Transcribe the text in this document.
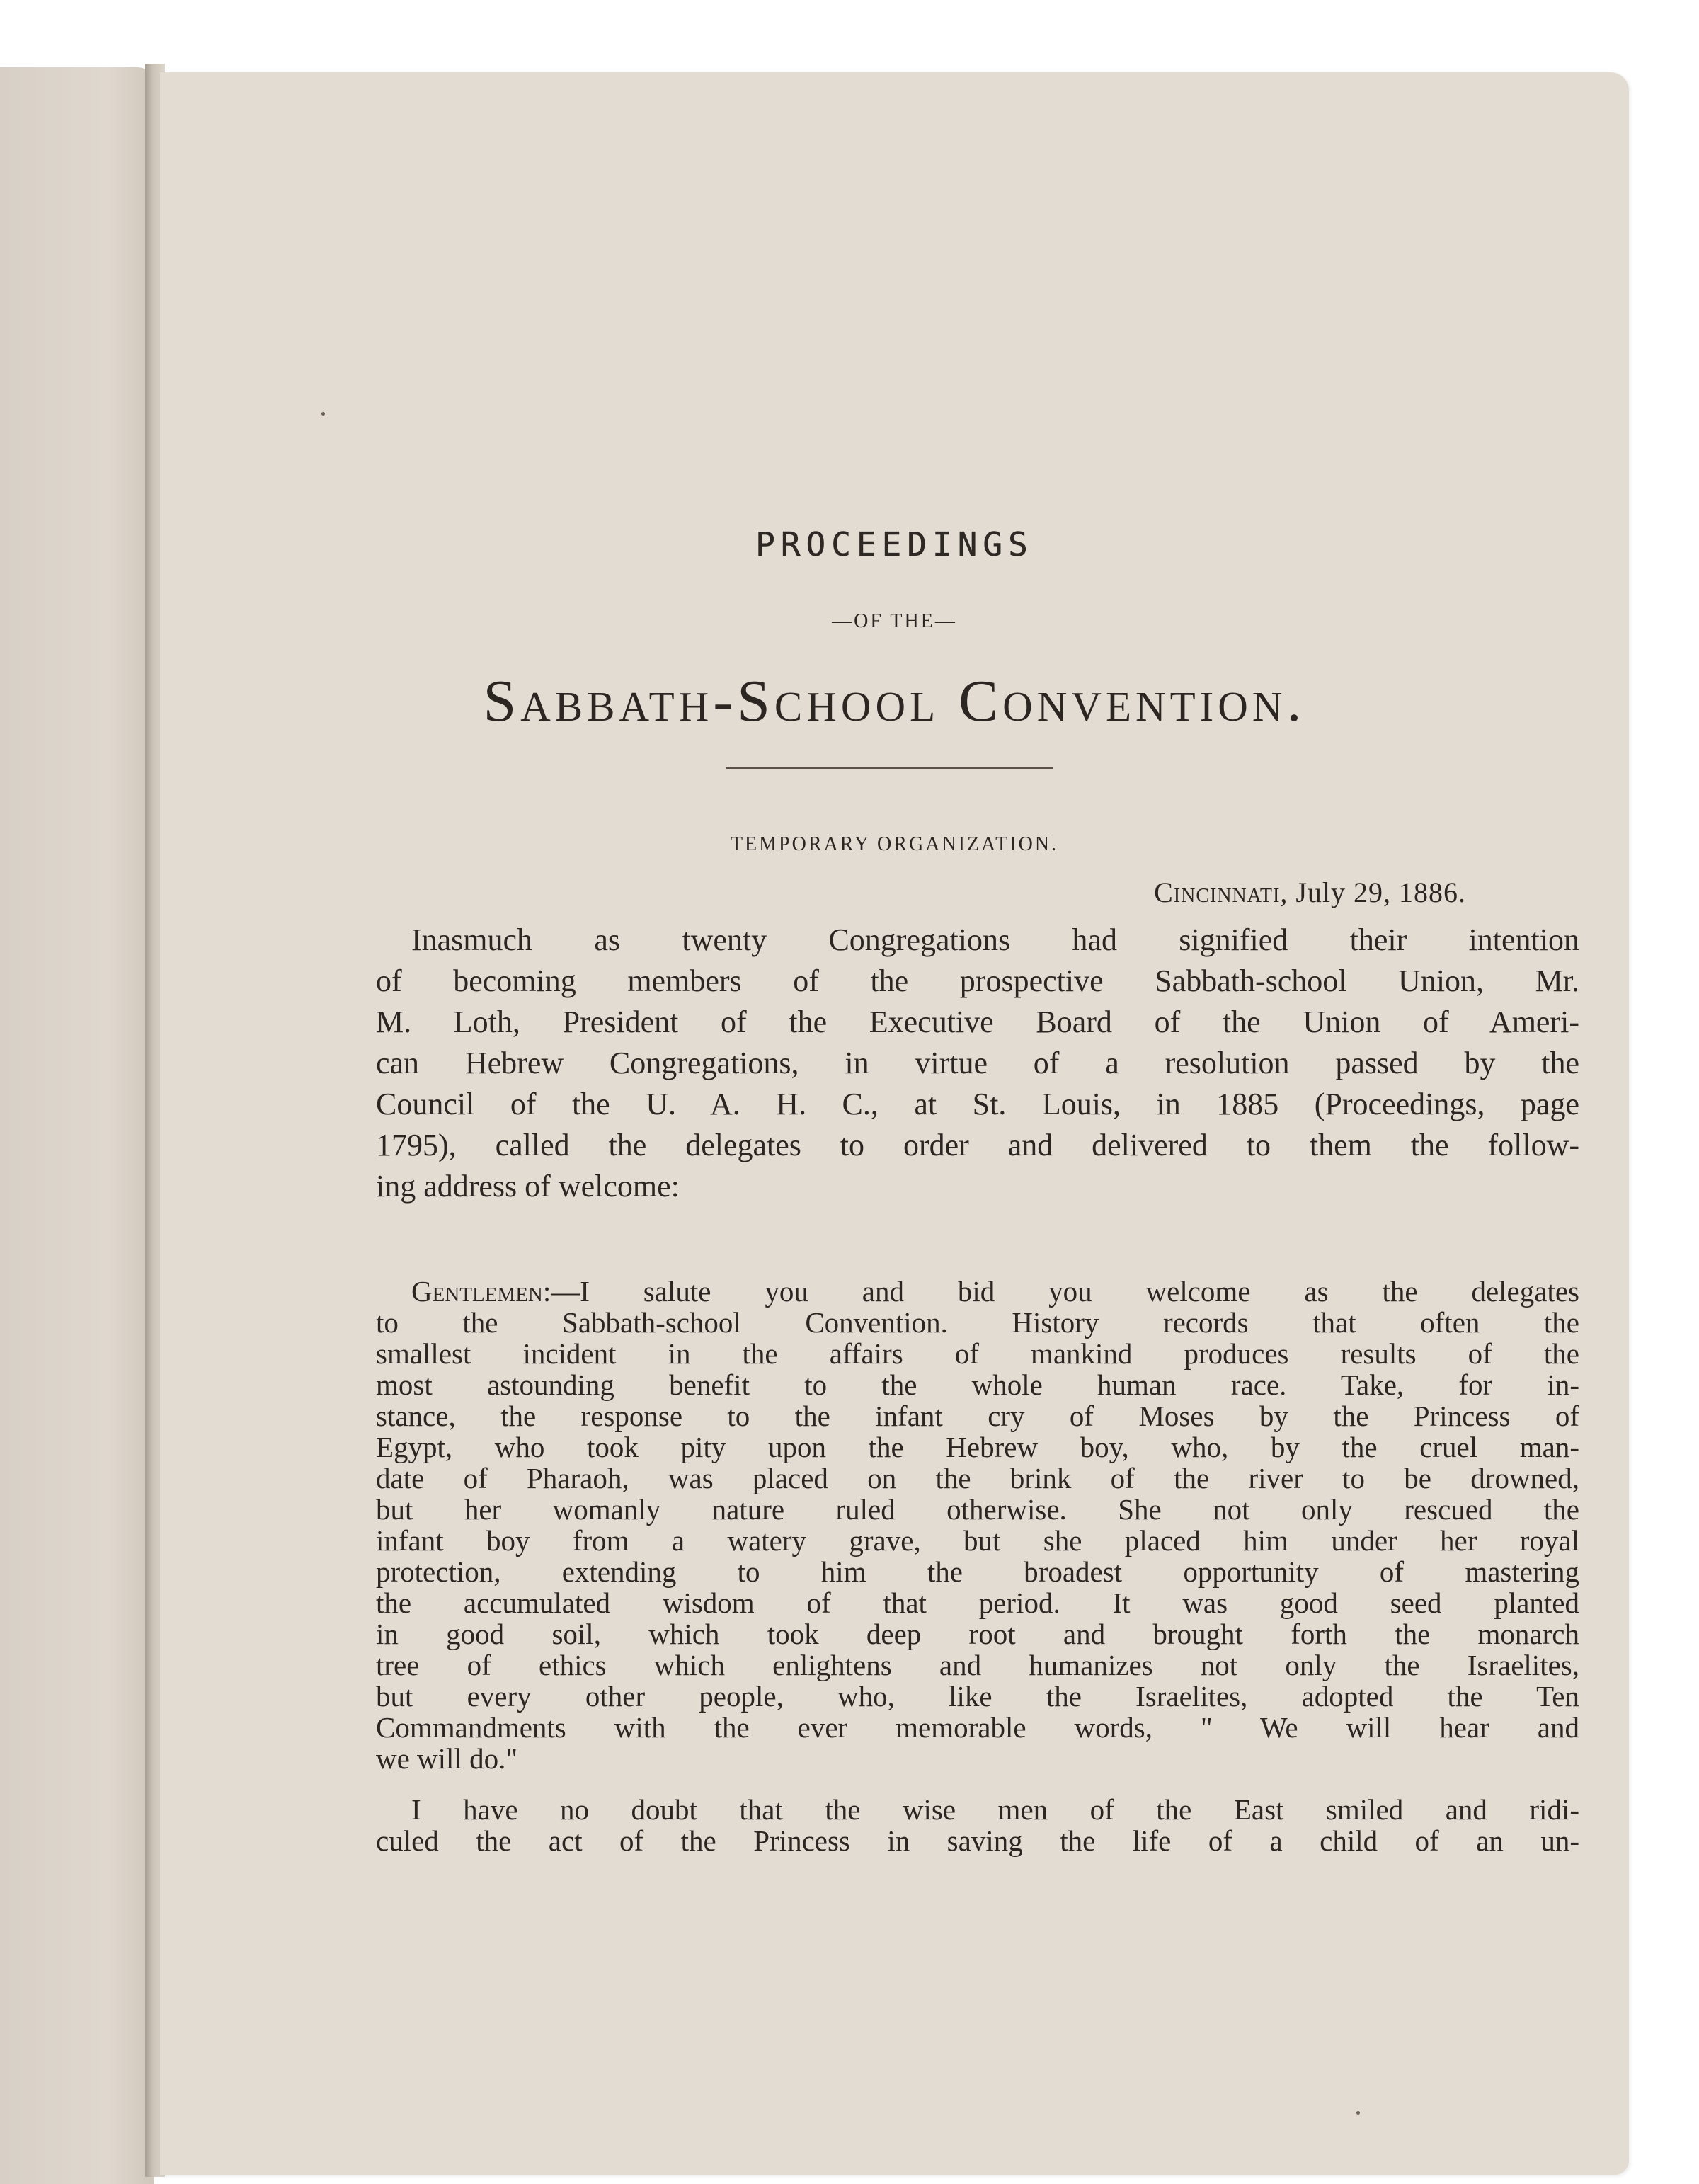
PROCEEDINGS
—OF THE—
Sabbath-School Convention.
TEMPORARY ORGANIZATION.
Cincinnati, July 29, 1886.
Inasmuch as twenty Congregations had signified their intention
of becoming members of the prospective Sabbath-school Union, Mr.
M. Loth, President of the Executive Board of the Union of Ameri-
can Hebrew Congregations, in virtue of a resolution passed by the
Council of the U. A. H. C., at St. Louis, in 1885 (Proceedings, page
1795), called the delegates to order and delivered to them the follow-
ing address of welcome:
Gentlemen:—I salute you and bid you welcome as the delegates
to the Sabbath-school Convention. History records that often the
smallest incident in the affairs of mankind produces results of the
most astounding benefit to the whole human race. Take, for in-
stance, the response to the infant cry of Moses by the Princess of
Egypt, who took pity upon the Hebrew boy, who, by the cruel man-
date of Pharaoh, was placed on the brink of the river to be drowned,
but her womanly nature ruled otherwise. She not only rescued the
infant boy from a watery grave, but she placed him under her royal
protection, extending to him the broadest opportunity of mastering
the accumulated wisdom of that period. It was good seed planted
in good soil, which took deep root and brought forth the monarch
tree of ethics which enlightens and humanizes not only the Israelites,
but every other people, who, like the Israelites, adopted the Ten
Commandments with the ever memorable words, " We will hear and
we will do."
I have no doubt that the wise men of the East smiled and ridi-
culed the act of the Princess in saving the life of a child of an un-
